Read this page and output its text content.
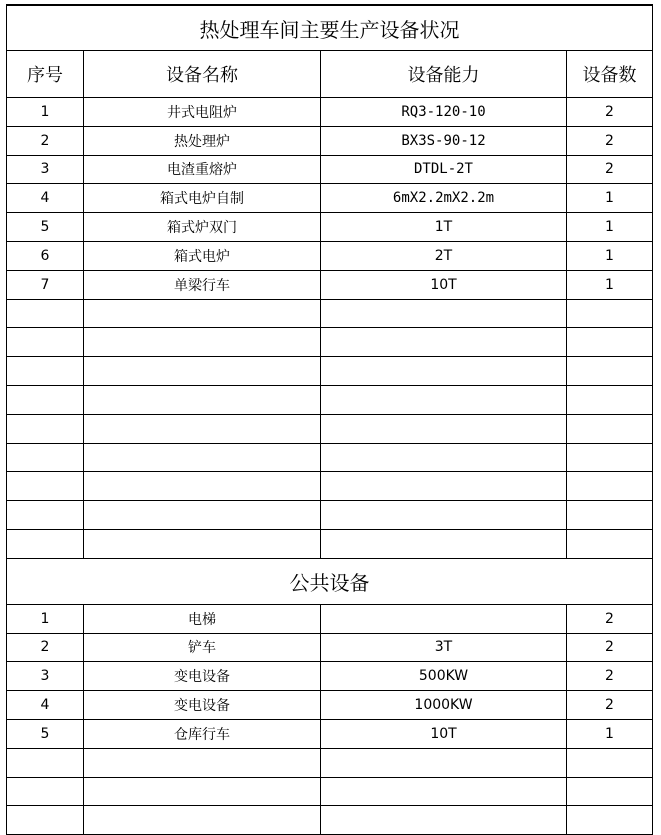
热处理车间主要生产设备状况			
序号	设备名称	设备能力	设备数
1	井式电阻炉	RQ3-120-10	2
2	热处理炉	BX3S-90-12	2
3	电渣重熔炉	DTDL-2T	2
4	箱式电炉自制	6mX2.2mX2.2m	1
5	箱式炉双门	1T	1
6	箱式电炉	2T	1
7	单梁行车	10T	1

公共设备			
1	电梯		2
2	铲车	3T	2
3	变电设备	500KW	2
4	变电设备	1000KW	2
5	仓库行车	10T	1
